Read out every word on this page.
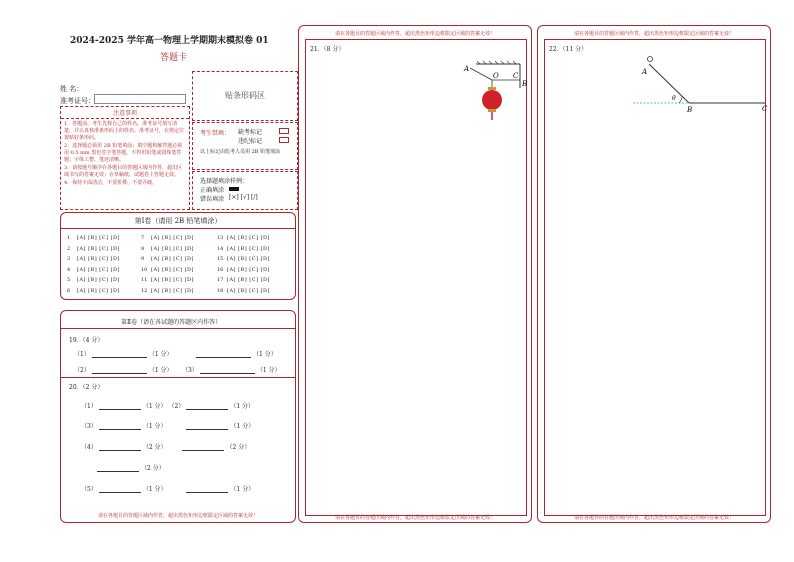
2024-2025 学年高一物理上学期期末模拟卷 01
答题卡
姓 名：
准考证号：
贴条形码区
注意事项
1．答题前，考生先将自己的姓名，准考证号填写清楚，并认真核准条形码上的姓名、准考证号，在规定位置贴好条形码。
2．选择题必须用 2B 铅笔填涂；填空题和解答题必须用 0.5 mm 黑色签字笔答题，不得用铅笔或圆珠笔答题；字体工整、笔迹清晰。
3．请按题号顺序在各题目的答题区域内作答，超出区域书写的答案无效；在草稿纸、试题卷上答题无效。
4．保持卡面清洁，不要折叠、不要弄破。
考生禁填： 缺考标记
违纪标记
以上标记由监考人员用 2B 铅笔填涂
选择题填涂样例：
正确填涂
错误填涂 [×] [√] [/]
第Ⅰ卷（请用 2B 铅笔填涂）
1 [A] [B] [C] [D]
2 [A] [B] [C] [D]
3 [A] [B] [C] [D]
4 [A] [B] [C] [D]
5 [A] [B] [C] [D]
6 [A] [B] [C] [D]
7 [A] [B] [C] [D]
8 [A] [B] [C] [D]
9 [A] [B] [C] [D]
10 [A] [B] [C] [D]
11 [A] [B] [C] [D]
12 [A] [B] [C] [D]
13 [A] [B] [C] [D]
14 [A] [B] [C] [D]
15 [A] [B] [C] [D]
16 [A] [B] [C] [D]
17 [A] [B] [C] [D]
18 [A] [B] [C] [D]
第Ⅱ卷（请在各试题的答题区内作答）
19．（4 分）
（1）	（1 分）	（1 分）
（2）	（1 分） （3）	（1 分）
20．（2 分）
（1）	（1 分） （2）	（1 分）
（3）	（1 分）	（1 分）
（4）	（2 分）	（2 分）
（2 分）
（5）	（1 分）	（1 分）
请在各题目的答题区域内作答，超出黑色矩形边框限定区域的答案无效！
请在各题目的答题区域内作答，超出黑色矩形边框限定区域的答案无效！
21．（8 分）
A
O
B
C
请在各题目的答题区域内作答，超出黑色矩形边框限定区域的答案无效！
请在各题目的答题区域内作答，超出黑色矩形边框限定区域的答案无效！
22．（11 分）
A
θ
B	C
请在各题目的答题区域内作答，超出黑色矩形边框限定区域的答案无效！
